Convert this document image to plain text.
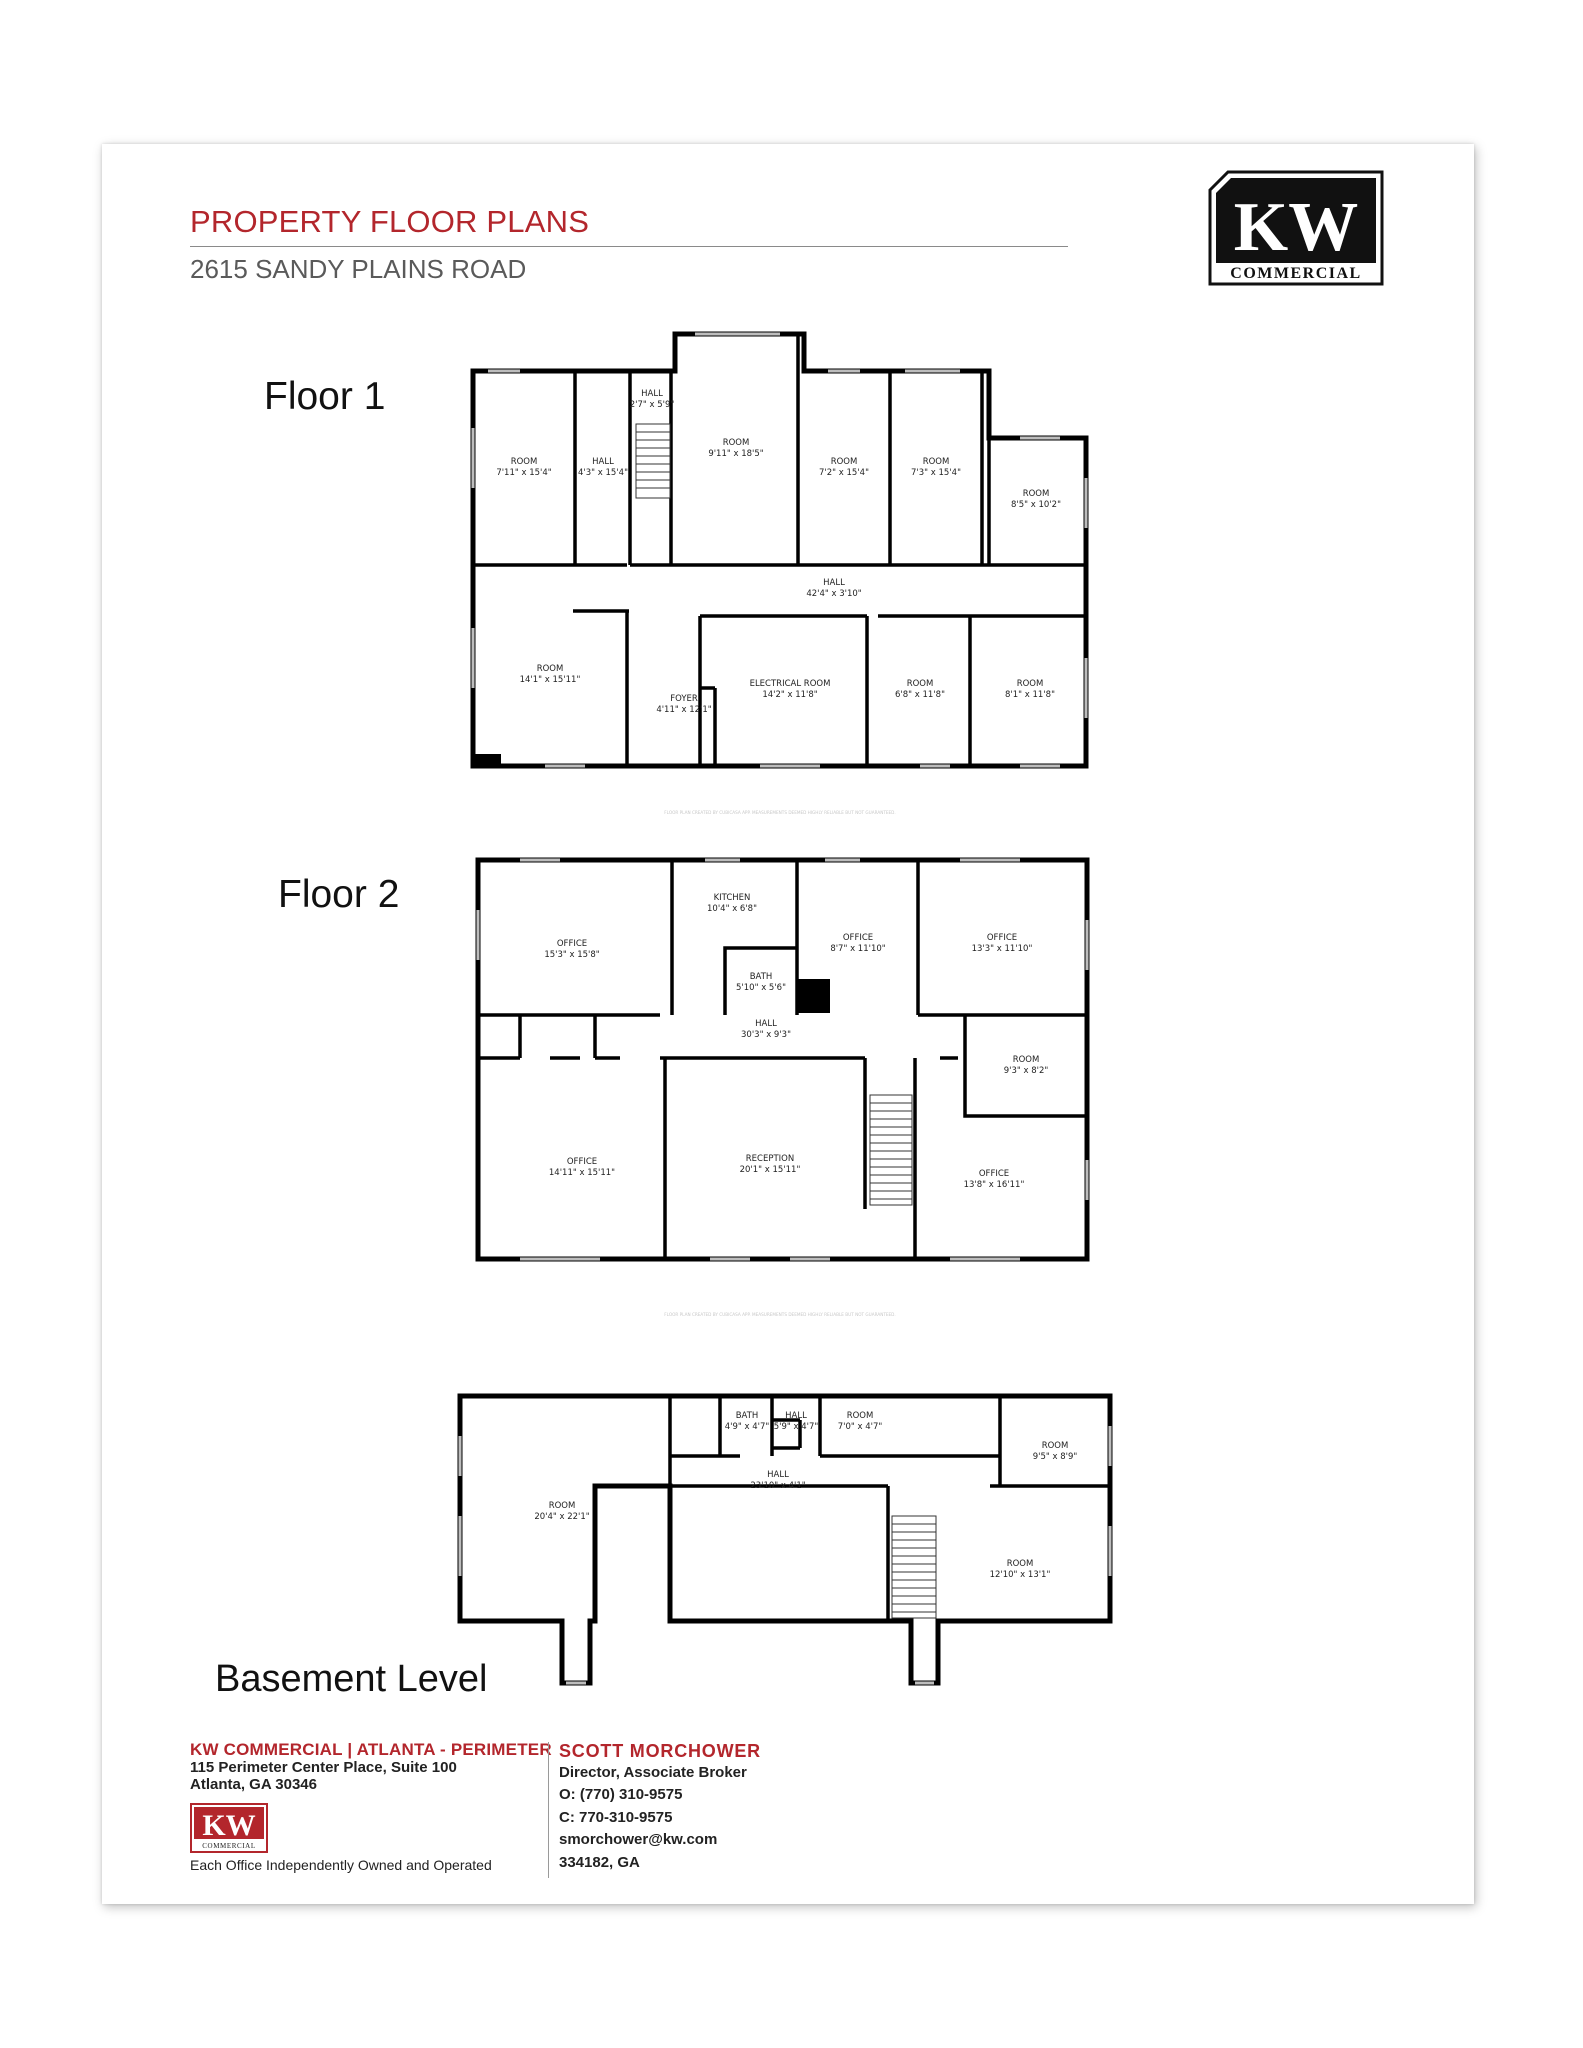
PROPERTY FLOOR PLANS
2615 SANDY PLAINS ROAD
KW
COMMERCIAL
Floor 1
ROOM
7'11" x 15'4"
HALL
4'3" x 15'4"
HALL
2'7" x 5'9"
ROOM
9'11" x 18'5"
ROOM
7'2" x 15'4"
ROOM
7'3" x 15'4"
ROOM
8'5" x 10'2"
HALL
42'4" x 3'10"
ROOM
14'1" x 15'11"
FOYER
4'11" x 12'1"
ELECTRICAL ROOM
14'2" x 11'8"
ROOM
6'8" x 11'8"
ROOM
8'1" x 11'8"
FLOOR PLAN CREATED BY CUBICASA APP. MEASUREMENTS DEEMED HIGHLY RELIABLE BUT NOT GUARANTEED.
Floor 2
OFFICE
15'3" x 15'8"
KITCHEN
10'4" x 6'8"
BATH
5'10" x 5'6"
OFFICE
8'7" x 11'10"
OFFICE
13'3" x 11'10"
HALL
30'3" x 9'3"
ROOM
9'3" x 8'2"
OFFICE
14'11" x 15'11"
RECEPTION
20'1" x 15'11"	OFFICE
13'8" x 16'11"
FLOOR PLAN CREATED BY CUBICASA APP. MEASUREMENTS DEEMED HIGHLY RELIABLE BUT NOT GUARANTEED.
ROOM
20'4" x 22'1"
BATH
4'9" x 4'7"
HALL
5'9" x 4'7"
ROOM
7'0" x 4'7"
ROOM
9'5" x 8'9"
HALL
23'10" x 4'1"
ROOM
12'10" x 13'1"
Basement Level
KW COMMERCIAL | ATLANTA - PERIMETER
115 Perimeter Center Place, Suite 100
Atlanta, GA 30346
KW
COMMERCIAL
Each Office Independently Owned and Operated
SCOTT MORCHOWER
Director, Associate Broker
O: (770) 310-9575
C: 770-310-9575
smorchower@kw.com
334182, GA
